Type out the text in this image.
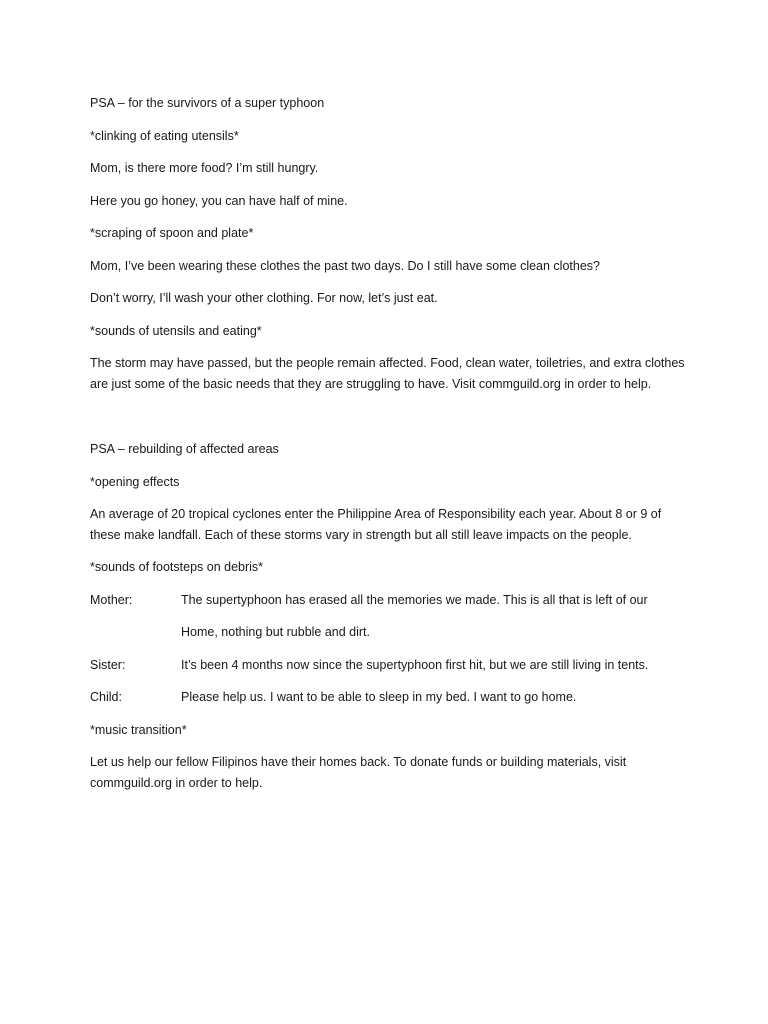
PSA – for the survivors of a super typhoon

*clinking of eating utensils*

Mom, is there more food? I’m still hungry.

Here you go honey, you can have half of mine.

*scraping of spoon and plate*

Mom, I’ve been wearing these clothes the past two days. Do I still have some clean clothes?

Don’t worry, I’ll wash your other clothing. For now, let’s just eat.

*sounds of utensils and eating*

The storm may have passed, but the people remain affected. Food, clean water, toiletries, and extra clothes are just some of the basic needs that they are struggling to have. Visit commguild.org in order to help.

PSA – rebuilding of affected areas

*opening effects

An average of 20 tropical cyclones enter the Philippine Area of Responsibility each year. About 8 or 9 of these make landfall. Each of these storms vary in strength but all still leave impacts on the people.

*sounds of footsteps on debris*

Mother:	The supertyphoon has erased all the memories we made. This is all that is left of our

Home, nothing but rubble and dirt.

Sister:	It’s been 4 months now since the supertyphoon first hit, but we are still living in tents.
Child:	Please help us. I want to be able to sleep in my bed. I want to go home.

*music transition*

Let us help our fellow Filipinos have their homes back. To donate funds or building materials, visit commguild.org in order to help.
